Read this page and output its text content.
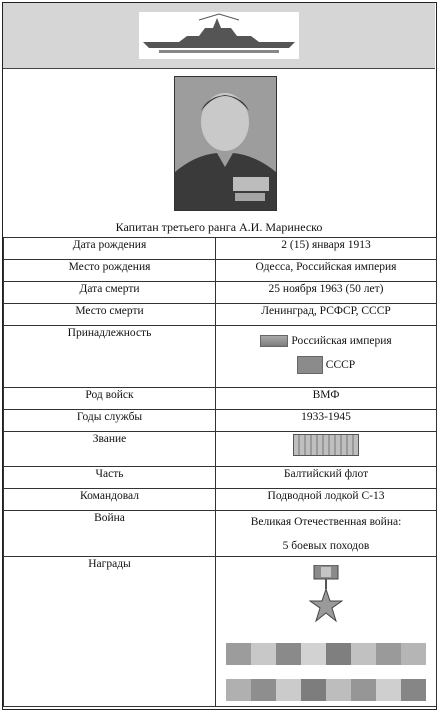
Капитан третьего ранга А.И. Маринеско
Дата рождения	2 (15) января 1913
Место рождения	Одесса, Российская империя
Дата смерти	25 ноября 1963 (50 лет)
Место смерти	Ленинград, РСФСР, СССР
Принадлежность	Российская империя
СССР

Род войск	ВМФ
Годы службы	1933-1945
Звание	
Часть	Балтийский флот
Командовал	Подводной лодкой С-13
Война	Великая Отечественная война:
5 боевых походов

Награды	
